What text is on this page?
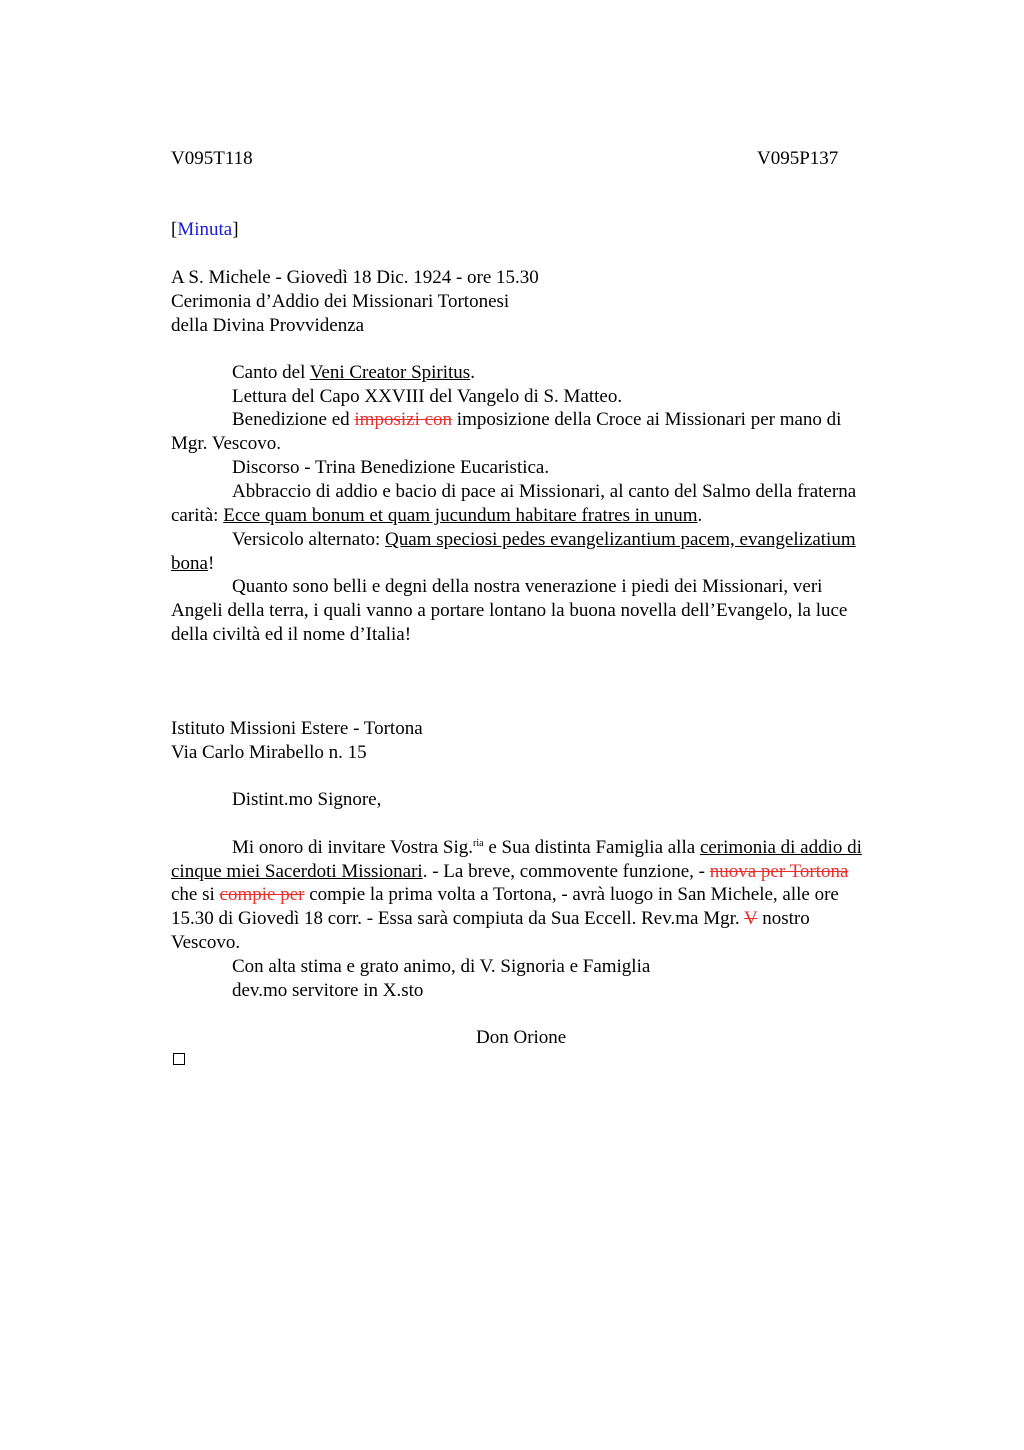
V095T118	V095P137
[Minuta]
A S. Michele - Giovedì 18 Dic. 1924 - ore 15.30
Cerimonia d’Addio dei Missionari Tortonesi
della Divina Provvidenza
Canto del Veni Creator Spiritus.
Lettura del Capo XXVIII del Vangelo di S. Matteo.
Benedizione ed imposizi con imposizione della Croce ai Missionari per mano di
Mgr. Vescovo.
Discorso - Trina Benedizione Eucaristica.
Abbraccio di addio e bacio di pace ai Missionari, al canto del Salmo della fraterna
carità: Ecce quam bonum et quam jucundum habitare fratres in unum.
Versicolo alternato: Quam speciosi pedes evangelizantium pacem, evangelizatium
bona!
Quanto sono belli e degni della nostra venerazione i piedi dei Missionari, veri
Angeli della terra, i quali vanno a portare lontano la buona novella dell’Evangelo, la luce
della civiltà ed il nome d’Italia!
Istituto Missioni Estere - Tortona
Via Carlo Mirabello n. 15
Distint.mo Signore,
Mi onoro di invitare Vostra Sig.$^{ria}$ e Sua distinta Famiglia alla cerimonia di addio di
cinque miei Sacerdoti Missionari. - La breve, commovente funzione, - nuova per Tortona
che si compie per compie la prima volta a Tortona, - avrà luogo in San Michele, alle ore
15.30 di Giovedì 18 corr. - Essa sarà compiuta da Sua Eccell. Rev.ma Mgr. V nostro
Vescovo.
Con alta stima e grato animo, di V. Signoria e Famiglia
dev.mo servitore in X.sto
Don Orione
